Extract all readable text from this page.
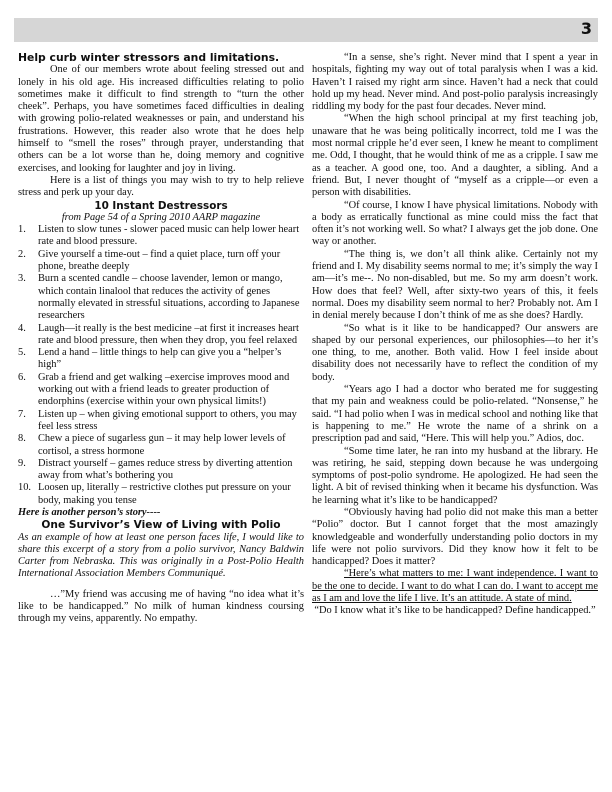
3

Help curb winter stressors and limitations.

One of our members wrote about feeling stressed out and lonely in his old age. His increased difficulties relating to polio sometimes make it difficult to find strength to “turn the other cheek”. Perhaps, you have sometimes faced difficulties in dealing with growing polio-related weaknesses or pain, and understand his frustrations. However, this reader also wrote that he does help himself to “smell the roses” through prayer, understanding that others can be a lot worse than he, doing memory and cognitive exercises, and looking for laughter and joy in living.

Here is a list of things you may wish to try to help relieve stress and perk up your day.

10 Instant Destressors

from Page 54 of a Spring 2010 AARP magazine

1.	Listen to slow tunes - slower paced music can help lower heart rate and blood pressure.
2.	Give yourself a time-out – find a quiet place, turn off your phone, breathe deeply
3.	Burn a scented candle – choose lavender, lemon or mango, which contain linalool that reduces the activity of genes normally elevated in stressful situations, according to Japanese researchers
4.	Laugh—it really is the best medicine –at first it increases heart rate and blood pressure, then when they drop, you feel relaxed
5.	Lend a hand – little things to help can give you a “helper’s high”
6.	Grab a friend and get walking –exercise improves mood and working out with a friend leads to greater production of endorphins (exercise within your own physical limits!)
7.	Listen up – when giving emotional support to others, you may feel less stress
8.	Chew a piece of sugarless gun – it may help lower levels of cortisol, a stress hormone
9.	Distract yourself – games reduce stress by diverting attention away from what’s bothering you
10. Loosen up, literally – restrictive clothes put pressure on your body, making you tense

Here is another person’s story----

One Survivor’s View of Living with Polio

As an example of how at least one person faces life, I would like to share this excerpt of a story from a polio survivor, Nancy Baldwin Carter from Nebraska. This was originally in a Post-Polio Health International Association Members Communiqué.

…”My friend was accusing me of having “no idea what it’s like to be handicapped.” No milk of human kindness coursing through my veins, apparently. No empathy.

“In a sense, she’s right. Never mind that I spent a year in hospitals, fighting my way out of total paralysis when I was a kid. Haven’t I raised my right arm since. Haven’t had a neck that could hold up my head. Never mind. And post-polio paralysis increasingly riddling my body for the past four decades. Never mind.

“When the high school principal at my first teaching job, unaware that he was being politically incorrect, told me I was the most normal cripple he’d ever seen, I knew he meant to compliment me. Odd, I thought, that he would think of me as a cripple. I saw me as a teacher. A good one, too. And a daughter, a sibling. And a friend. But, I never thought of “myself as a cripple—or even a person with disabilities.

“Of course, I know I have physical limitations. Nobody with a body as erratically functional as mine could miss the fact that often it’s not working well. So what? I always get the job done. One way or another.

“The thing is, we don’t all think alike. Certainly not my friend and I. My disability seems normal to me; it’s simply the way I am—it’s me--. No non-disabled, but me. So my arm doesn’t work. How does that feel? Well, after sixty-two years of this, it feels normal. Does my disability seem normal to her? Probably not. Am I in denial merely because I don’t think of me as she does? Hardly.

“So what is it like to be handicapped? Our answers are shaped by our personal experiences, our philosophies—to her it’s one thing, to me, another. Both valid. How I feel inside about disability does not necessarily have to reflect the condition of my body.

“Years ago I had a doctor who berated me for suggesting that my pain and weakness could be polio-related. “Nonsense,” he said. “I had polio when I was in medical school and nothing like that is happening to me.” He wrote the name of a shrink on a prescription pad and said, “Here. This will help you.” Adios, doc.

“Some time later, he ran into my husband at the library. He was retiring, he said, stepping down because he was undergoing symptoms of post-polio syndrome. He apologized. He had seen the light. A bit of revised thinking when it became his dysfunction. Was he learning what it’s like to be handicapped?

“Obviously having had polio did not make this man a better “Polio” doctor. But I cannot forget that the most amazingly knowledgeable and wonderfully understanding polio doctors in my life were not polio survivors. Did they know how it felt to be handicapped? Does it matter?

“Here’s what matters to me: I want independence. I want to be the one to decide. I want to do what I can do. I want to accept me as I am and love the life I live. It’s an attitude. A state of mind.

“Do I know what it’s like to be handicapped? Define handicapped.”
